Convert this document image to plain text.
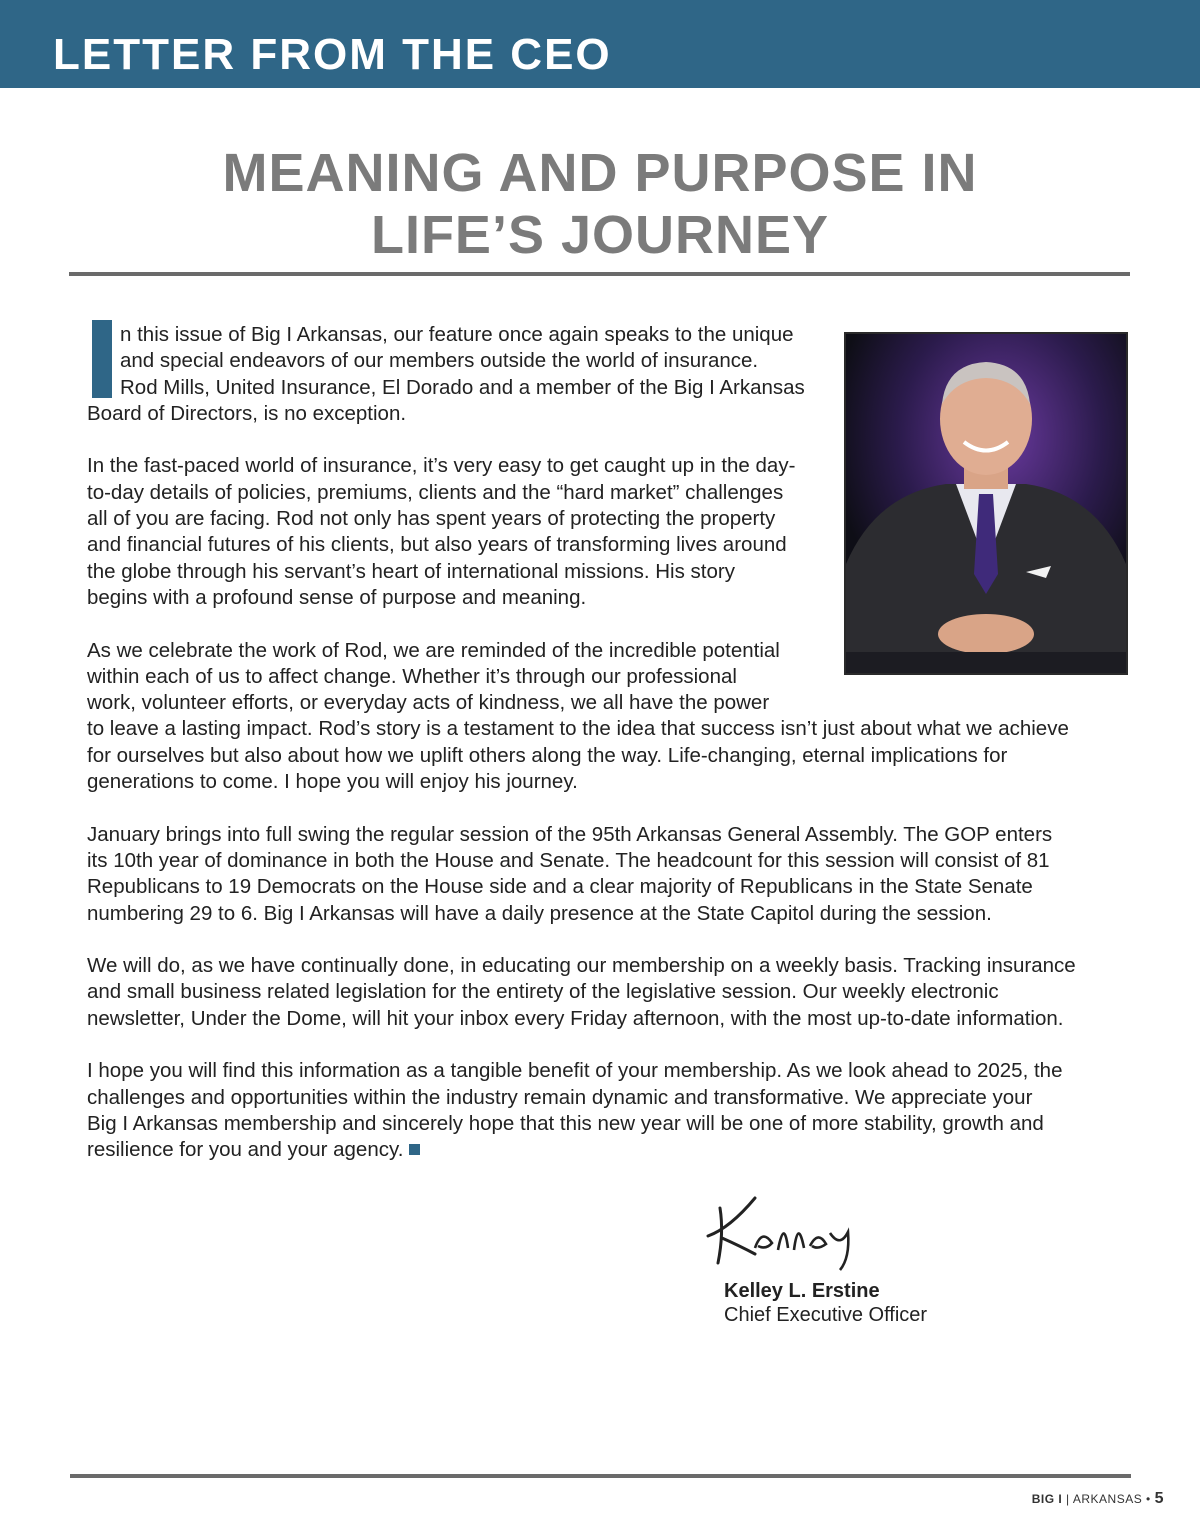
LETTER FROM THE CEO
MEANING AND PURPOSE IN
LIFE’S JOURNEY

n this issue of Big I Arkansas, our feature once again speaks to the unique
and special endeavors of our members outside the world of insurance.
Rod Mills, United Insurance, El Dorado and a member of the Big I Arkansas
Board of Directors, is no exception.

In the fast-paced world of insurance, it’s very easy to get caught up in the day-
to-day details of policies, premiums, clients and the “hard market” challenges
all of you are facing. Rod not only has spent years of protecting the property
and financial futures of his clients, but also years of transforming lives around
the globe through his servant’s heart of international missions. His story
begins with a profound sense of purpose and meaning.

As we celebrate the work of Rod, we are reminded of the incredible potential
within each of us to affect change. Whether it’s through our professional
work, volunteer efforts, or everyday acts of kindness, we all have the power
to leave a lasting impact. Rod’s story is a testament to the idea that success isn’t just about what we achieve
for ourselves but also about how we uplift others along the way. Life-changing, eternal implications for
generations to come. I hope you will enjoy his journey.

January brings into full swing the regular session of the 95th Arkansas General Assembly. The GOP enters
its 10th year of dominance in both the House and Senate. The headcount for this session will consist of 81
Republicans to 19 Democrats on the House side and a clear majority of Republicans in the State Senate
numbering 29 to 6. Big I Arkansas will have a daily presence at the State Capitol during the session.

We will do, as we have continually done, in educating our membership on a weekly basis. Tracking insurance
and small business related legislation for the entirety of the legislative session. Our weekly electronic
newsletter, Under the Dome, will hit your inbox every Friday afternoon, with the most up-to-date information.

I hope you will find this information as a tangible benefit of your membership. As we look ahead to 2025, the
challenges and opportunities within the industry remain dynamic and transformative. We appreciate your
Big I Arkansas membership and sincerely hope that this new year will be one of more stability, growth and
resilience for you and your agency.

Kelley L. Erstine
Chief Executive Officer
BIG I | ARKANSAS • 5
